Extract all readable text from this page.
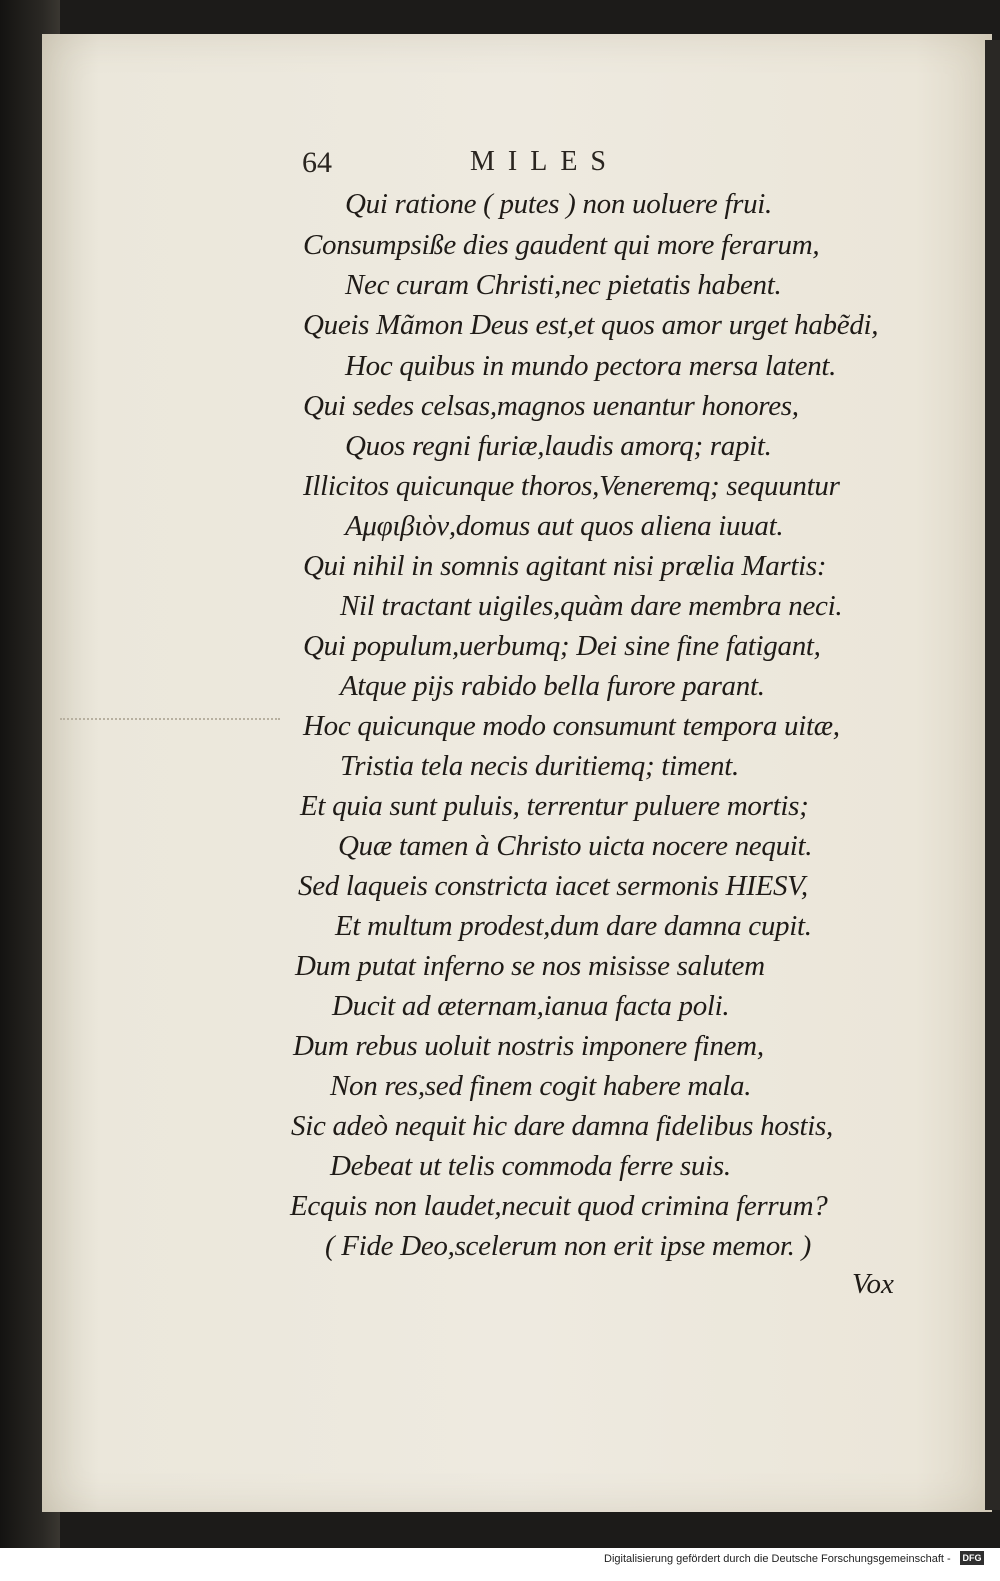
64	MILES
Qui ratione ( putes ) non uoluere frui.
Consumpsiße dies gaudent qui more ferarum,
Nec curam Christi,nec pietatis habent.
Queis Mãmon Deus est,et quos amor urget habẽdi,
Hoc quibus in mundo pectora mersa latent.
Qui sedes celsas,magnos uenantur honores,
Quos regni furiæ,laudis amorq; rapit.
Illicitos quicunque thoros,Veneremq; sequuntur
Αμφιβιὸν,domus aut quos aliena iuuat.
Qui nihil in somnis agitant nisi prælia Martis:
Nil tractant uigiles,quàm dare membra neci.
Qui populum,uerbumq; Dei sine fine fatigant,
Atque pijs rabido bella furore parant.
Hoc quicunque modo consumunt tempora uitæ,
Tristia tela necis duritiemq; timent.
Et quia sunt puluis, terrentur puluere mortis;
Quæ tamen à Christo uicta nocere nequit.
Sed laqueis constricta iacet sermonis HIESV,
Et multum prodest,dum dare damna cupit.
Dum putat inferno se nos misisse salutem
Ducit ad æternam,ianua facta poli.
Dum rebus uoluit nostris imponere finem,
Non res,sed finem cogit habere mala.
Sic adeò nequit hic dare damna fidelibus hostis,
Debeat ut telis commoda ferre suis.
Ecquis non laudet,necuit quod crimina ferrum?
( Fide Deo,scelerum non erit ipse memor. )
Vox
Digitalisierung gefördert durch die Deutsche Forschungsgemeinschaft - DFG
